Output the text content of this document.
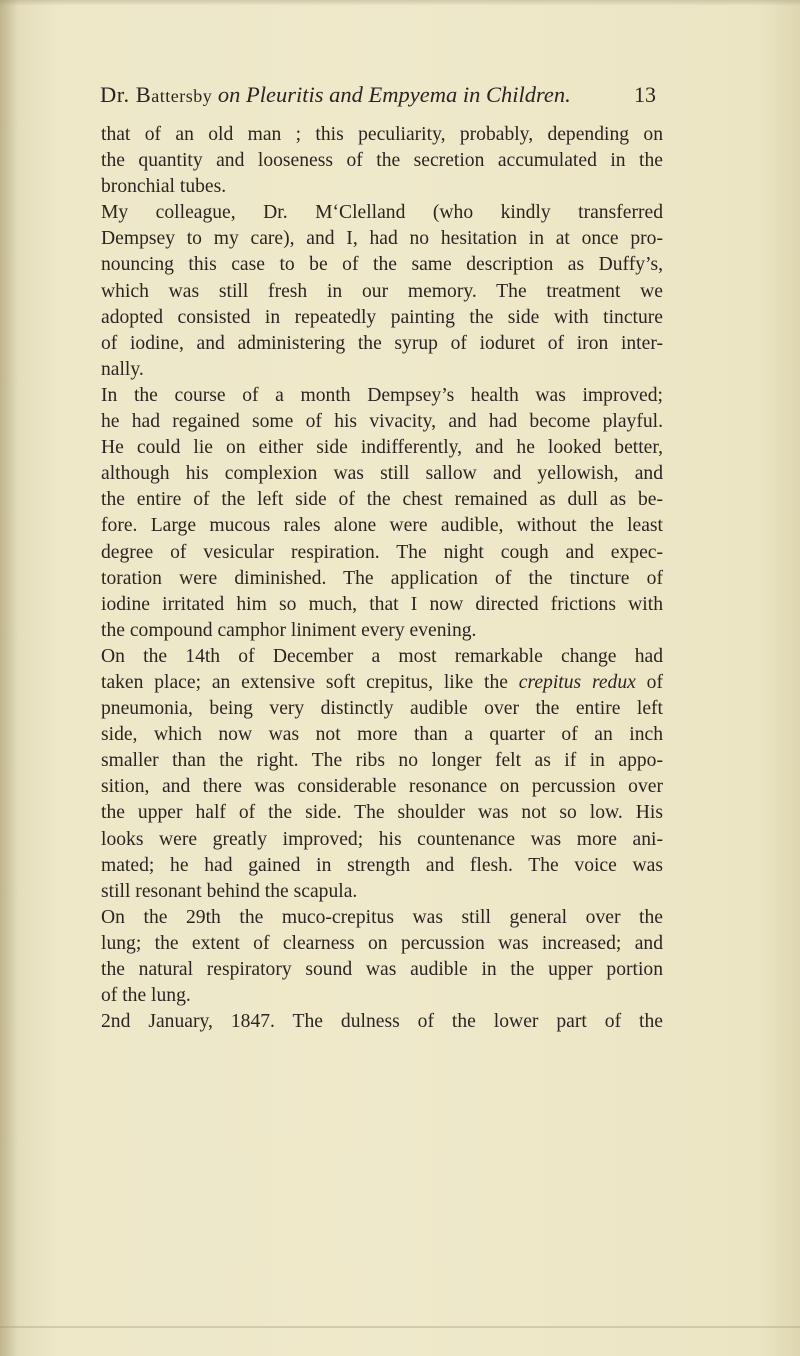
Dr. Battersby on Pleuritis and Empyema in Children.	13
that of an old man ; this peculiarity, probably, depending on
the quantity and looseness of the secretion accumulated in the
bronchial tubes.
My colleague, Dr. M‘Clelland (who kindly transferred
Dempsey to my care), and I, had no hesitation in at once pro-
nouncing this case to be of the same description as Duffy’s,
which was still fresh in our memory. The treatment we
adopted consisted in repeatedly painting the side with tincture
of iodine, and administering the syrup of ioduret of iron inter-
nally.
In the course of a month Dempsey’s health was improved;
he had regained some of his vivacity, and had become playful.
He could lie on either side indifferently, and he looked better,
although his complexion was still sallow and yellowish, and
the entire of the left side of the chest remained as dull as be-
fore. Large mucous rales alone were audible, without the least
degree of vesicular respiration. The night cough and expec-
toration were diminished. The application of the tincture of
iodine irritated him so much, that I now directed frictions with
the compound camphor liniment every evening.
On the 14th of December a most remarkable change had
taken place; an extensive soft crepitus, like the crepitus redux of
pneumonia, being very distinctly audible over the entire left
side, which now was not more than a quarter of an inch
smaller than the right. The ribs no longer felt as if in appo-
sition, and there was considerable resonance on percussion over
the upper half of the side. The shoulder was not so low. His
looks were greatly improved; his countenance was more ani-
mated; he had gained in strength and flesh. The voice was
still resonant behind the scapula.
On the 29th the muco-crepitus was still general over the
lung; the extent of clearness on percussion was increased; and
the natural respiratory sound was audible in the upper portion
of the lung.
2nd January, 1847. The dulness of the lower part of the
